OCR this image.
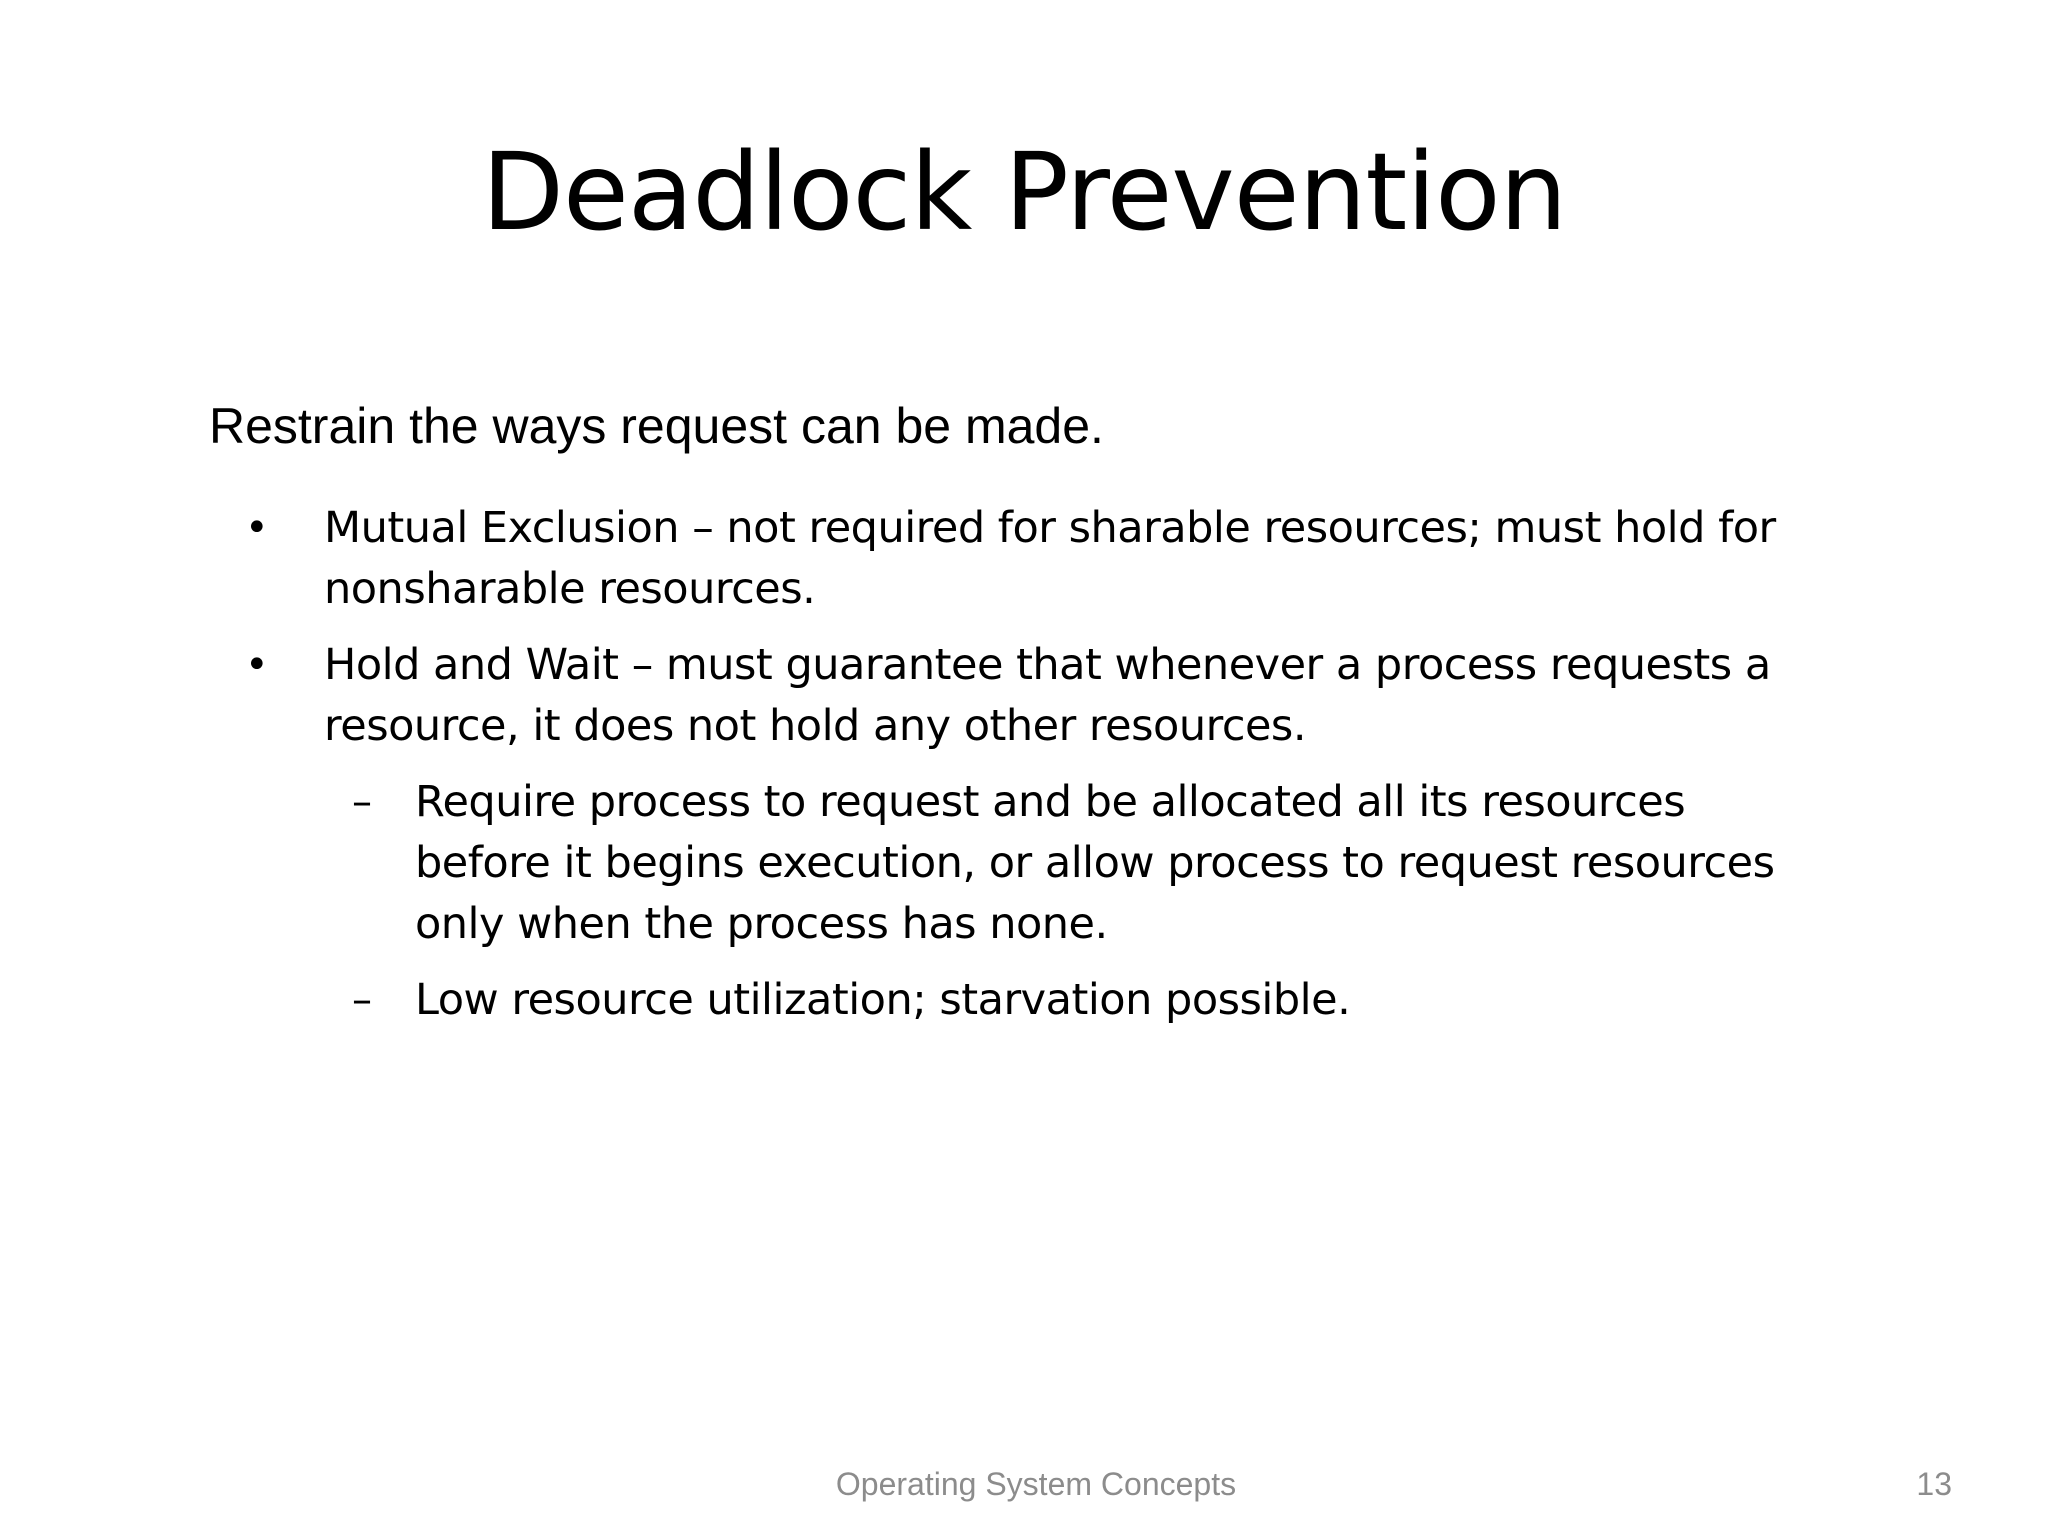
Deadlock Prevention
Restrain the ways request can be made.
• Mutual Exclusion – not required for sharable resources; must hold for
nonsharable resources.
• Hold and Wait – must guarantee that whenever a process requests a
resource, it does not hold any other resources.
– Require process to request and be allocated all its resources
before it begins execution, or allow process to request resources
only when the process has none.
– Low resource utilization; starvation possible.
Operating System Concepts	13
